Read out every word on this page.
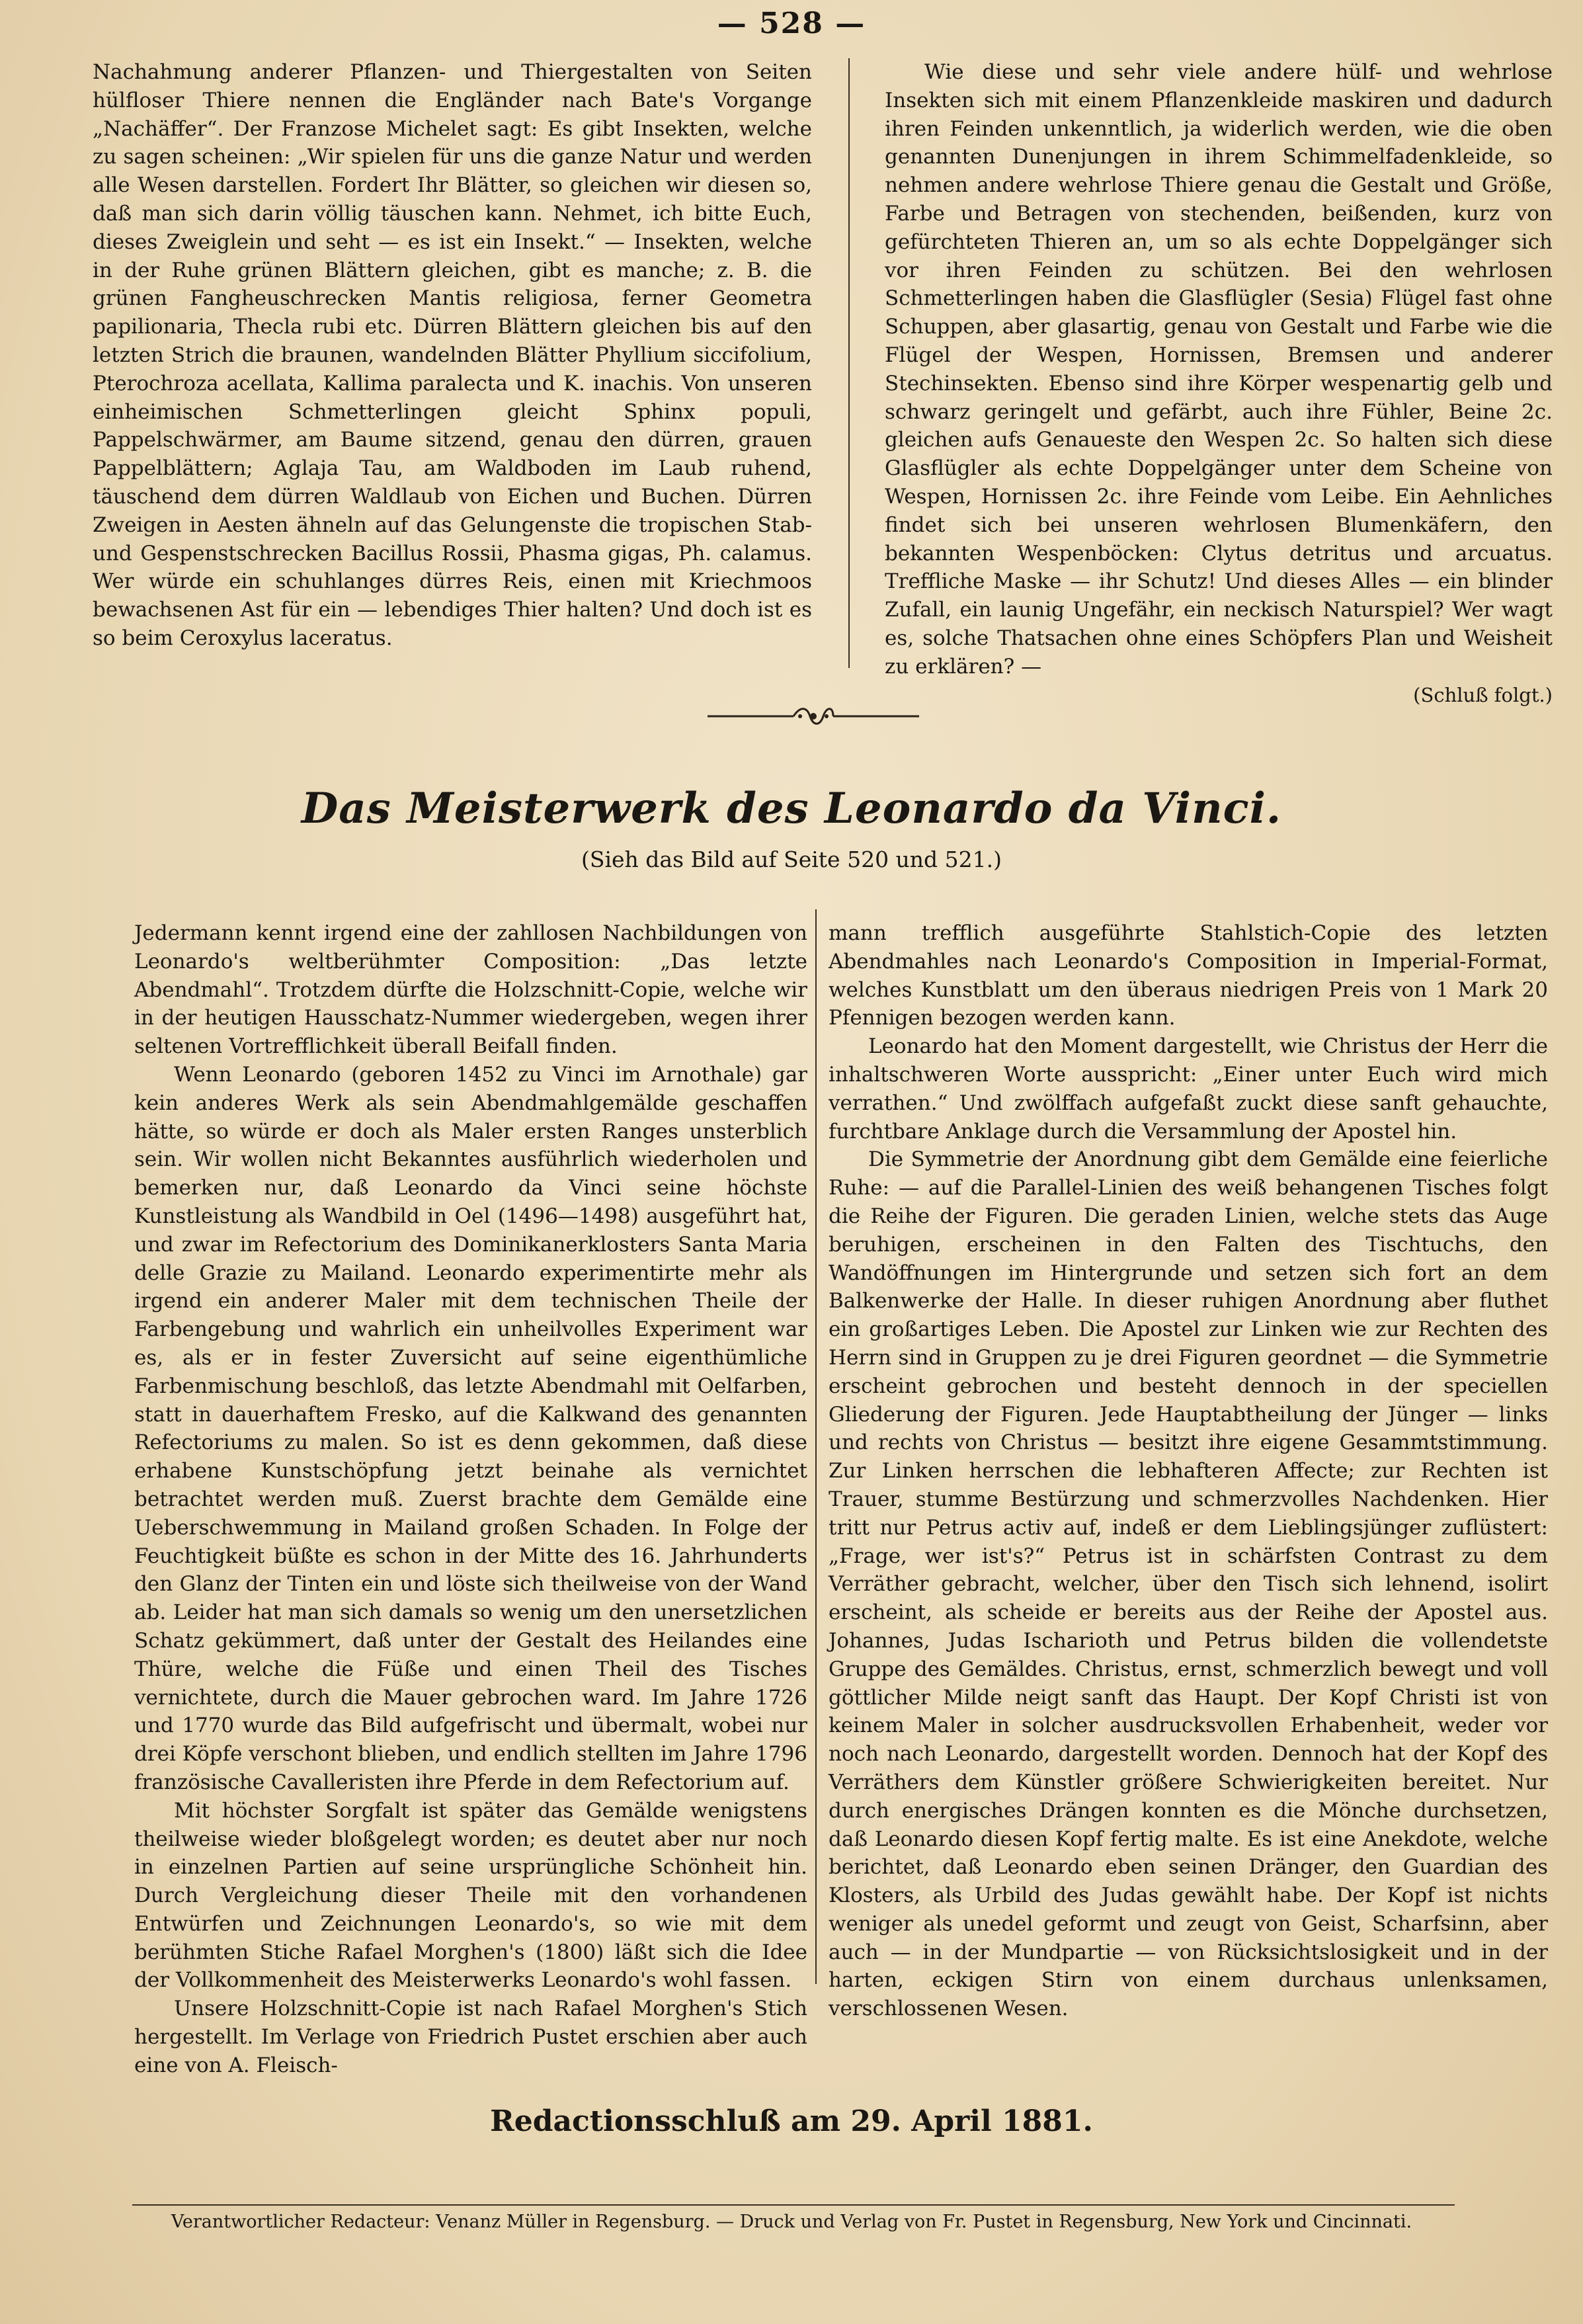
— 528 —

Nachahmung anderer Pflanzen- und Thiergestalten von Seiten hülfloser Thiere nennen die Engländer nach Bate's Vorgange „Nachäffer“. Der Franzose Michelet sagt: Es gibt Insekten, welche zu sagen scheinen: „Wir spielen für uns die ganze Natur und werden alle Wesen darstellen. Fordert Ihr Blätter, so gleichen wir diesen so, daß man sich darin völlig täuschen kann. Nehmet, ich bitte Euch, dieses Zweiglein und seht — es ist ein Insekt.“ — Insekten, welche in der Ruhe grünen Blättern gleichen, gibt es manche; z. B. die grünen Fangheuschrecken Mantis religiosa, ferner Geometra papilionaria, Thecla rubi etc. Dürren Blättern gleichen bis auf den letzten Strich die braunen, wandelnden Blätter Phyllium siccifolium, Pterochroza acellata, Kallima paralecta und K. inachis. Von unseren einheimischen Schmetterlingen gleicht Sphinx populi, Pappelschwärmer, am Baume sitzend, genau den dürren, grauen Pappelblättern; Aglaja Tau, am Waldboden im Laub ruhend, täuschend dem dürren Waldlaub von Eichen und Buchen. Dürren Zweigen in Aesten ähneln auf das Gelungenste die tropischen Stab- und Gespenstschrecken Bacillus Rossii, Phasma gigas, Ph. calamus. Wer würde ein schuhlanges dürres Reis, einen mit Kriechmoos bewachsenen Ast für ein — lebendiges Thier halten? Und doch ist es so beim Ceroxylus laceratus.

Wie diese und sehr viele andere hülf- und wehrlose Insekten sich mit einem Pflanzenkleide maskiren und dadurch ihren Feinden unkenntlich, ja widerlich werden, wie die oben genannten Dunenjungen in ihrem Schimmelfadenkleide, so nehmen andere wehrlose Thiere genau die Gestalt und Größe, Farbe und Betragen von stechenden, beißenden, kurz von gefürchteten Thieren an, um so als echte Doppelgänger sich vor ihren Feinden zu schützen. Bei den wehrlosen Schmetterlingen haben die Glasflügler (Sesia) Flügel fast ohne Schuppen, aber glasartig, genau von Gestalt und Farbe wie die Flügel der Wespen, Hornissen, Bremsen und anderer Stechinsekten. Ebenso sind ihre Körper wespenartig gelb und schwarz geringelt und gefärbt, auch ihre Fühler, Beine 2c. gleichen aufs Genaueste den Wespen 2c. So halten sich diese Glasflügler als echte Doppelgänger unter dem Scheine von Wespen, Hornissen 2c. ihre Feinde vom Leibe. Ein Aehnliches findet sich bei unseren wehrlosen Blumenkäfern, den bekannten Wespenböcken: Clytus detritus und arcuatus. Treffliche Maske — ihr Schutz! Und dieses Alles — ein blinder Zufall, ein launig Ungefähr, ein neckisch Naturspiel? Wer wagt es, solche Thatsachen ohne eines Schöpfers Plan und Weisheit zu erklären? —

(Schluß folgt.)
Das Meisterwerk des Leonardo da Vinci.
(Sieh das Bild auf Seite 520 und 521.)

Jedermann kennt irgend eine der zahllosen Nachbildungen von Leonardo's weltberühmter Composition: „Das letzte Abendmahl“. Trotzdem dürfte die Holzschnitt-Copie, welche wir in der heutigen Hausschatz-Nummer wiedergeben, wegen ihrer seltenen Vortrefflichkeit überall Beifall finden.

Wenn Leonardo (geboren 1452 zu Vinci im Arnothale) gar kein anderes Werk als sein Abendmahlgemälde geschaffen hätte, so würde er doch als Maler ersten Ranges unsterblich sein. Wir wollen nicht Bekanntes ausführlich wiederholen und bemerken nur, daß Leonardo da Vinci seine höchste Kunstleistung als Wandbild in Oel (1496—1498) ausgeführt hat, und zwar im Refectorium des Dominikanerklosters Santa Maria delle Grazie zu Mailand. Leonardo experimentirte mehr als irgend ein anderer Maler mit dem technischen Theile der Farbengebung und wahrlich ein unheilvolles Experiment war es, als er in fester Zuversicht auf seine eigenthümliche Farbenmischung beschloß, das letzte Abendmahl mit Oelfarben, statt in dauerhaftem Fresko, auf die Kalkwand des genannten Refectoriums zu malen. So ist es denn gekommen, daß diese erhabene Kunstschöpfung jetzt beinahe als vernichtet betrachtet werden muß. Zuerst brachte dem Gemälde eine Ueberschwemmung in Mailand großen Schaden. In Folge der Feuchtigkeit büßte es schon in der Mitte des 16. Jahrhunderts den Glanz der Tinten ein und löste sich theilweise von der Wand ab. Leider hat man sich damals so wenig um den unersetzlichen Schatz gekümmert, daß unter der Gestalt des Heilandes eine Thüre, welche die Füße und einen Theil des Tisches vernichtete, durch die Mauer gebrochen ward. Im Jahre 1726 und 1770 wurde das Bild aufgefrischt und übermalt, wobei nur drei Köpfe verschont blieben, und endlich stellten im Jahre 1796 französische Cavalleristen ihre Pferde in dem Refectorium auf.

Mit höchster Sorgfalt ist später das Gemälde wenigstens theilweise wieder bloßgelegt worden; es deutet aber nur noch in einzelnen Partien auf seine ursprüngliche Schönheit hin. Durch Vergleichung dieser Theile mit den vorhandenen Entwürfen und Zeichnungen Leonardo's, so wie mit dem berühmten Stiche Rafael Morghen's (1800) läßt sich die Idee der Vollkommenheit des Meisterwerks Leonardo's wohl fassen.

Unsere Holzschnitt-Copie ist nach Rafael Morghen's Stich hergestellt. Im Verlage von Friedrich Pustet erschien aber auch eine von A. Fleisch-

mann trefflich ausgeführte Stahlstich-Copie des letzten Abendmahles nach Leonardo's Composition in Imperial-Format, welches Kunstblatt um den überaus niedrigen Preis von 1 Mark 20 Pfennigen bezogen werden kann.

Leonardo hat den Moment dargestellt, wie Christus der Herr die inhaltschweren Worte ausspricht: „Einer unter Euch wird mich verrathen.“ Und zwölffach aufgefaßt zuckt diese sanft gehauchte, furchtbare Anklage durch die Versammlung der Apostel hin.

Die Symmetrie der Anordnung gibt dem Gemälde eine feierliche Ruhe: — auf die Parallel-Linien des weiß behangenen Tisches folgt die Reihe der Figuren. Die geraden Linien, welche stets das Auge beruhigen, erscheinen in den Falten des Tischtuchs, den Wandöffnungen im Hintergrunde und setzen sich fort an dem Balkenwerke der Halle. In dieser ruhigen Anordnung aber fluthet ein großartiges Leben. Die Apostel zur Linken wie zur Rechten des Herrn sind in Gruppen zu je drei Figuren geordnet — die Symmetrie erscheint gebrochen und besteht dennoch in der speciellen Gliederung der Figuren. Jede Hauptabtheilung der Jünger — links und rechts von Christus — besitzt ihre eigene Gesammtstimmung. Zur Linken herrschen die lebhafteren Affecte; zur Rechten ist Trauer, stumme Bestürzung und schmerzvolles Nachdenken. Hier tritt nur Petrus activ auf, indeß er dem Lieblingsjünger zuflüstert: „Frage, wer ist's?“ Petrus ist in schärfsten Contrast zu dem Verräther gebracht, welcher, über den Tisch sich lehnend, isolirt erscheint, als scheide er bereits aus der Reihe der Apostel aus. Johannes, Judas Ischarioth und Petrus bilden die vollendetste Gruppe des Gemäldes. Christus, ernst, schmerzlich bewegt und voll göttlicher Milde neigt sanft das Haupt. Der Kopf Christi ist von keinem Maler in solcher ausdrucksvollen Erhabenheit, weder vor noch nach Leonardo, dargestellt worden. Dennoch hat der Kopf des Verräthers dem Künstler größere Schwierigkeiten bereitet. Nur durch energisches Drängen konnten es die Mönche durchsetzen, daß Leonardo diesen Kopf fertig malte. Es ist eine Anekdote, welche berichtet, daß Leonardo eben seinen Dränger, den Guardian des Klosters, als Urbild des Judas gewählt habe. Der Kopf ist nichts weniger als unedel geformt und zeugt von Geist, Scharfsinn, aber auch — in der Mundpartie — von Rücksichtslosigkeit und in der harten, eckigen Stirn von einem durchaus unlenksamen, verschlossenen Wesen.

Redactionsschluß am 29. April 1881.
Verantwortlicher Redacteur: Venanz Müller in Regensburg. — Druck und Verlag von Fr. Pustet in Regensburg, New York und Cincinnati.
